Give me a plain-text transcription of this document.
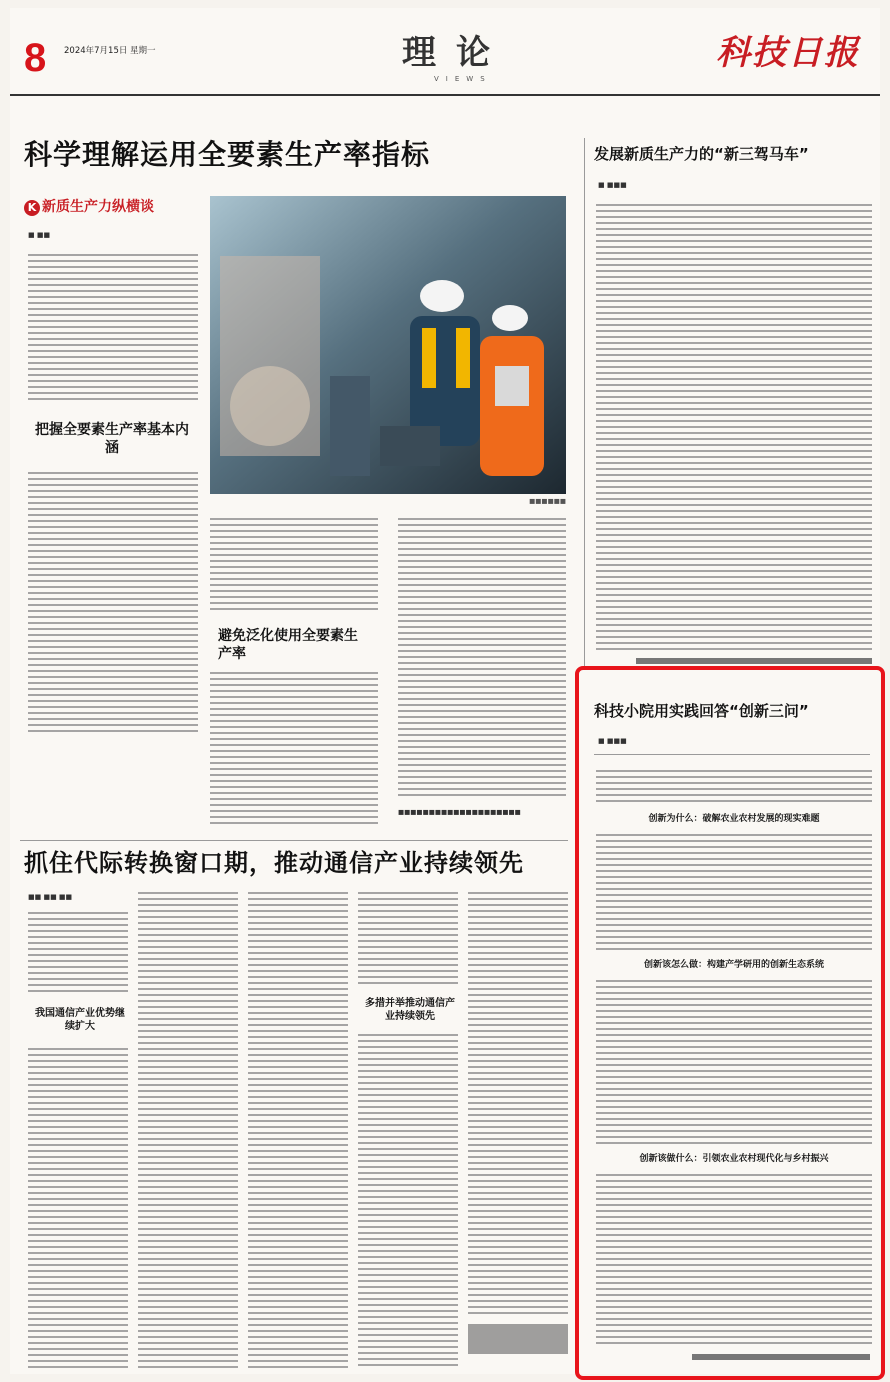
8 2024年7月15日 星期一	理论
VIEWS
科技日报
科学理解运用全要素生产率指标
K 新质生产力纵横谈
■ ■■
把握全要素生产率基本内涵
■■■■■■
避免泛化使用全要素生产率
■■■■■■■■■■■■■■■■■■■■
发展新质生产力的“新三驾马车”
■ ■■■
科技小院用实践回答“创新三问”
■ ■■■
创新为什么：破解农业农村发展的现实难题
创新该怎么做：构建产学研用的创新生态系统
创新该做什么：引领农业农村现代化与乡村振兴
抓住代际转换窗口期，推动通信产业持续领先
■■ ■■ ■■
我国通信产业优势继续扩大
多措并举推动通信产业持续领先
